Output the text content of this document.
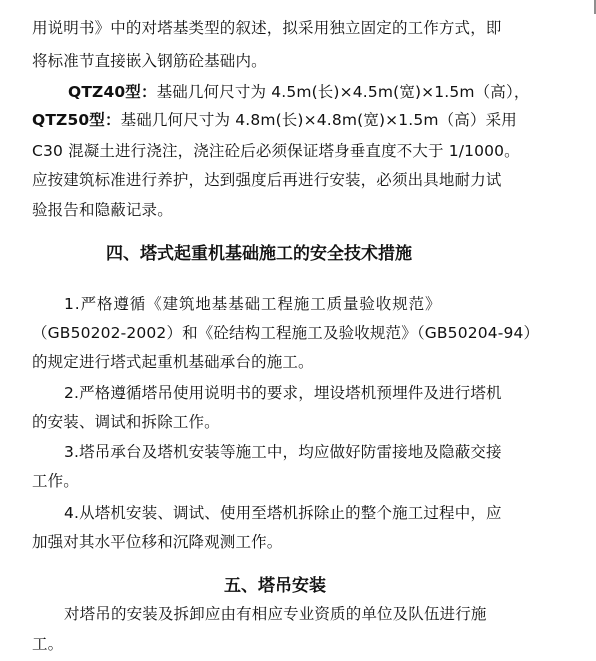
用说明书》中的对塔基类型的叙述，拟采用独立固定的工作方式，即
将标准节直接嵌入钢筋砼基础内。
QTZ40型：基础几何尺寸为 4.5m(长)×4.5m(宽)×1.5m（高），
QTZ50型：基础几何尺寸为 4.8m(长)×4.8m(宽)×1.5m（高）采用
C30 混凝土进行浇注，浇注砼后必须保证塔身垂直度不大于 1/1000。
应按建筑标准进行养护，达到强度后再进行安装，必须出具地耐力试
验报告和隐蔽记录。
四、塔式起重机基础施工的安全技术措施
1.严格遵循《建筑地基基础工程施工质量验收规范》
（GB50202-2002）和《砼结构工程施工及验收规范》（GB50204-94）
的规定进行塔式起重机基础承台的施工。
2.严格遵循塔吊使用说明书的要求，埋设塔机预埋件及进行塔机
的安装、调试和拆除工作。
3.塔吊承台及塔机安装等施工中，均应做好防雷接地及隐蔽交接
工作。
4.从塔机安装、调试、使用至塔机拆除止的整个施工过程中，应
加强对其水平位移和沉降观测工作。
五、塔吊安装
对塔吊的安装及拆卸应由有相应专业资质的单位及队伍进行施
工。
